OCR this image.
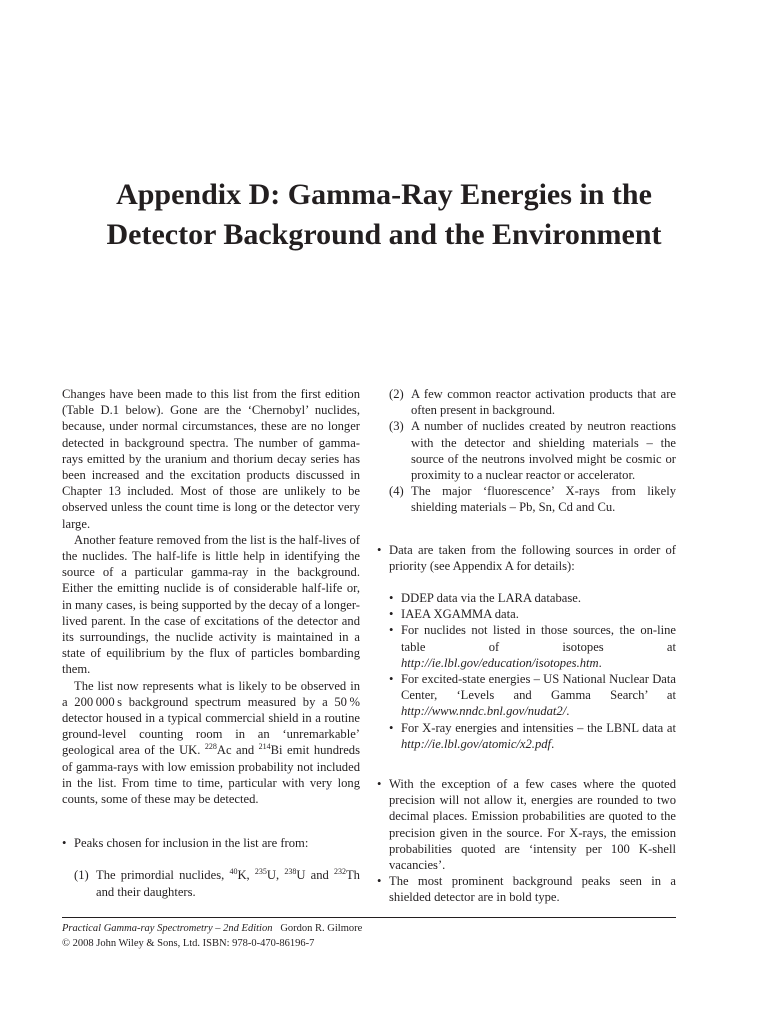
Appendix D: Gamma-Ray Energies in the
Detector Background and the Environment

Changes have been made to this list from the first edition (Table D.1 below). Gone are the ‘Chernobyl’ nuclides, because, under normal circumstances, these are no longer detected in background spectra. The number of gamma-rays emitted by the uranium and thorium decay series has been increased and the excitation products discussed in Chapter 13 included. Most of those are unlikely to be observed unless the count time is long or the detector very large.

Another feature removed from the list is the half-lives of the nuclides. The half-life is little help in identifying the source of a particular gamma-ray in the background. Either the emitting nuclide is of considerable half-life or, in many cases, is being supported by the decay of a longer-lived parent. In the case of excitations of the detector and its surroundings, the nuclide activity is maintained in a state of equilibrium by the flux of particles bombarding them.

The list now represents what is likely to be observed in a 200 000 s background spectrum measured by a 50 % detector housed in a typical commercial shield in a routine ground-level counting room in an ‘unremarkable’ geological area of the UK. $^{228}$Ac and $^{214}$Bi emit hundreds of gamma-rays with low emission probability not included in the list. From time to time, particular with very long counts, some of these may be detected.

• Peaks chosen for inclusion in the list are from:
(1) The primordial nuclides, $^{40}$K, $^{235}$U, $^{238}$U and $^{232}$Th and their daughters.
(2) A few common reactor activation products that are often present in background.
(3) A number of nuclides created by neutron reactions with the detector and shielding materials – the source of the neutrons involved might be cosmic or proximity to a nuclear reactor or accelerator.
(4) The major ‘fluorescence’ X-rays from likely shielding materials – Pb, Sn, Cd and Cu.
• Data are taken from the following sources in order of priority (see Appendix A for details):
• DDEP data via the LARA database.
• IAEA XGAMMA data.
• For nuclides not listed in those sources, the on-line table of isotopes at http://ie.lbl.gov/education/isotopes.htm.
• For excited-state energies – US National Nuclear Data Center, ‘Levels and Gamma Search’ at http://www.nndc.bnl.gov/nudat2/.
• For X-ray energies and intensities – the LBNL data at http://ie.lbl.gov/atomic/x2.pdf.
• With the exception of a few cases where the quoted precision will not allow it, energies are rounded to two decimal places. Emission probabilities are quoted to the precision given in the source. For X-rays, the emission probabilities quoted are ‘intensity per 100 K-shell vacancies’.
• The most prominent background peaks seen in a shielded detector are in bold type.
Practical Gamma-ray Spectrometry – 2nd Edition Gordon R. Gilmore
© 2008 John Wiley & Sons, Ltd. ISBN: 978-0-470-86196-7
